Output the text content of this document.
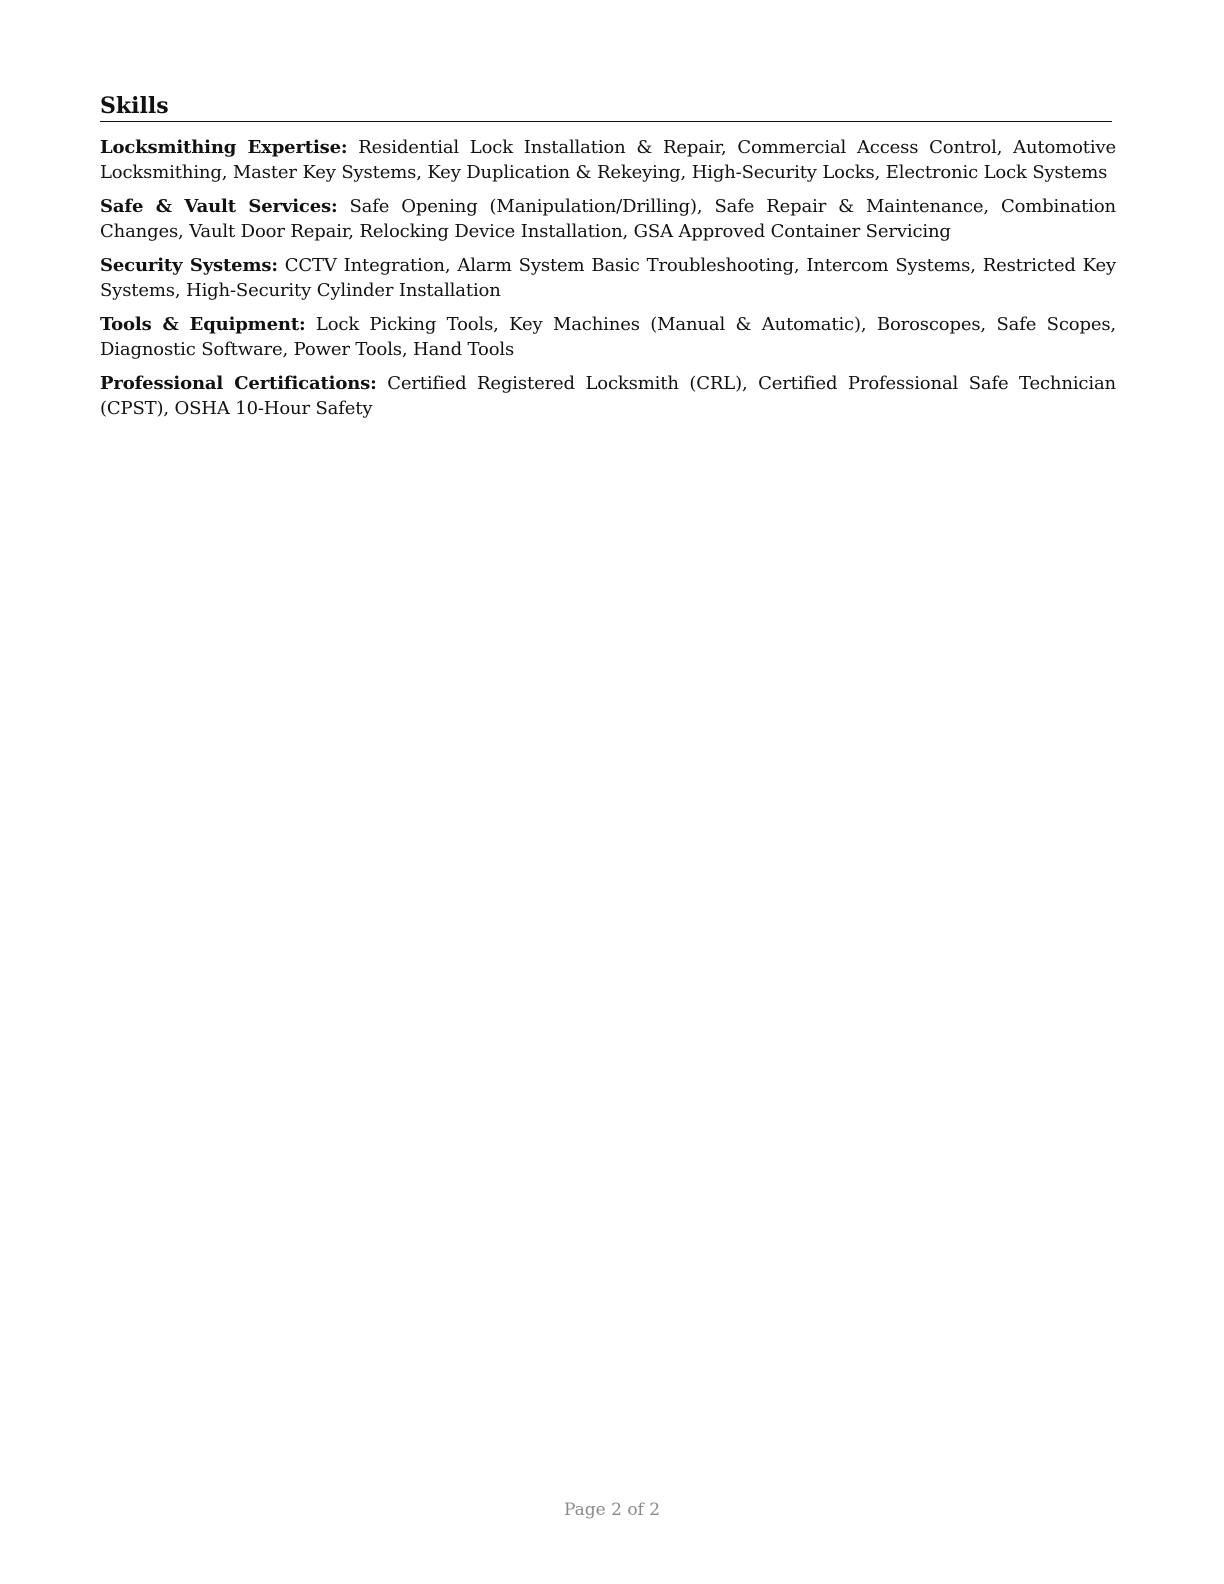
Skills

Locksmithing Expertise: Residential Lock Installation & Repair, Commercial Access Control, Automotive Locksmithing, Master Key Systems, Key Duplication & Rekeying, High-Security Locks, Electronic Lock Systems

Safe & Vault Services: Safe Opening (Manipulation/Drilling), Safe Repair & Maintenance, Combination Changes, Vault Door Repair, Relocking Device Installation, GSA Approved Container Servicing

Security Systems: CCTV Integration, Alarm System Basic Troubleshooting, Intercom Systems, Restricted Key Systems, High-Security Cylinder Installation

Tools & Equipment: Lock Picking Tools, Key Machines (Manual & Automatic), Boroscopes, Safe Scopes, Diagnostic Software, Power Tools, Hand Tools

Professional Certifications: Certified Registered Locksmith (CRL), Certified Professional Safe Technician (CPST), OSHA 10-Hour Safety

Page 2 of 2
